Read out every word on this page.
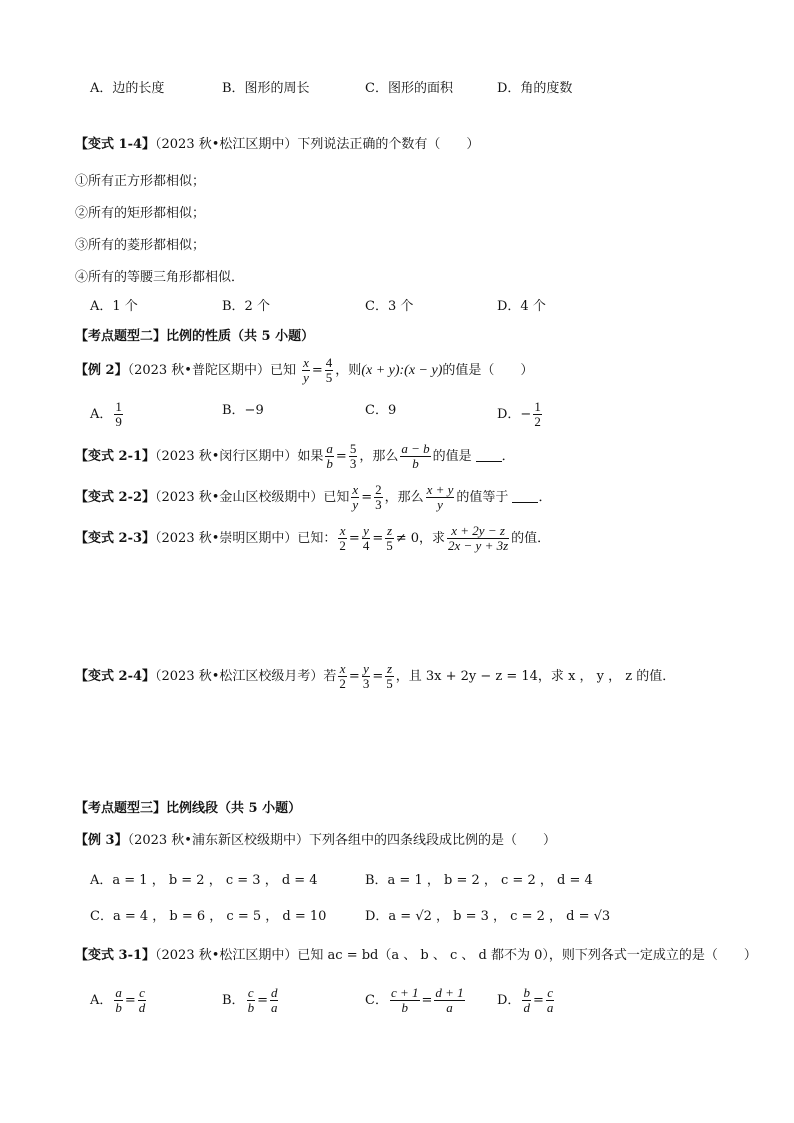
A．边的长度	B．图形的周长	C．图形的面积	D．角的度数
【变式 1-4】（2023 秋•松江区期中）下列说法正确的个数有（　　）
①所有正方形都相似；
②所有的矩形都相似；
③所有的菱形都相似；
④所有的等腰三角形都相似．
A．1 个	B．2 个	C．3 个	D．4 个
【考点题型二】比例的性质（共 5 小题）
【例 2】（2023 秋•普陀区期中）已知 $\frac{x}{y} = \frac{4}{5}$ ，则(x + y):(x − y)的值是（　　）
A． $\frac{1}{9}$	B．−9	C．9	D．− $\frac{1}{2}$
【变式 2-1】（2023 秋•闵行区期中）如果 $\frac{a}{b} = \frac{5}{3}$ ，那么 $\frac{a - b}{b}$ 的值是 ．
【变式 2-2】（2023 秋•金山区校级期中）已知 $\frac{x}{y} = \frac{2}{3}$ ，那么 $\frac{x + y}{y}$ 的值等于 ．
【变式 2-3】（2023 秋•崇明区期中）已知： $\frac{x}{2} = \frac{y}{4} = \frac{z}{5} \ne 0$，求 $\frac{x + 2y - z}{2x - y + 3z}$ 的值．
【变式 2-4】（2023 秋•松江区校级月考）若 $\frac{x}{2} = \frac{y}{3} = \frac{z}{5}$ ，且 3x + 2y − z = 14，求 x ， y ， z 的值．
【考点题型三】比例线段（共 5 小题）
【例 3】（2023 秋•浦东新区校级期中）下列各组中的四条线段成比例的是（　　）
A．a = 1 ， b = 2 ， c = 3 ， d = 4	B．a = 1 ， b = 2 ， c = 2 ， d = 4
C．a = 4 ， b = 6 ， c = 5 ， d = 10	D．a = √2 ， b = 3 ， c = 2 ， d = √3
【变式 3-1】（2023 秋•松江区期中）已知 ac = bd（a 、 b 、 c 、 d 都不为 0），则下列各式一定成立的是（　　）
A． $\frac{a}{b} = \frac{c}{d}$	B． $\frac{c}{b} = \frac{d}{a}$	C． $\frac{c + 1}{b} = \frac{d + 1}{a}$ D． $\frac{b}{d} = \frac{c}{a}$
